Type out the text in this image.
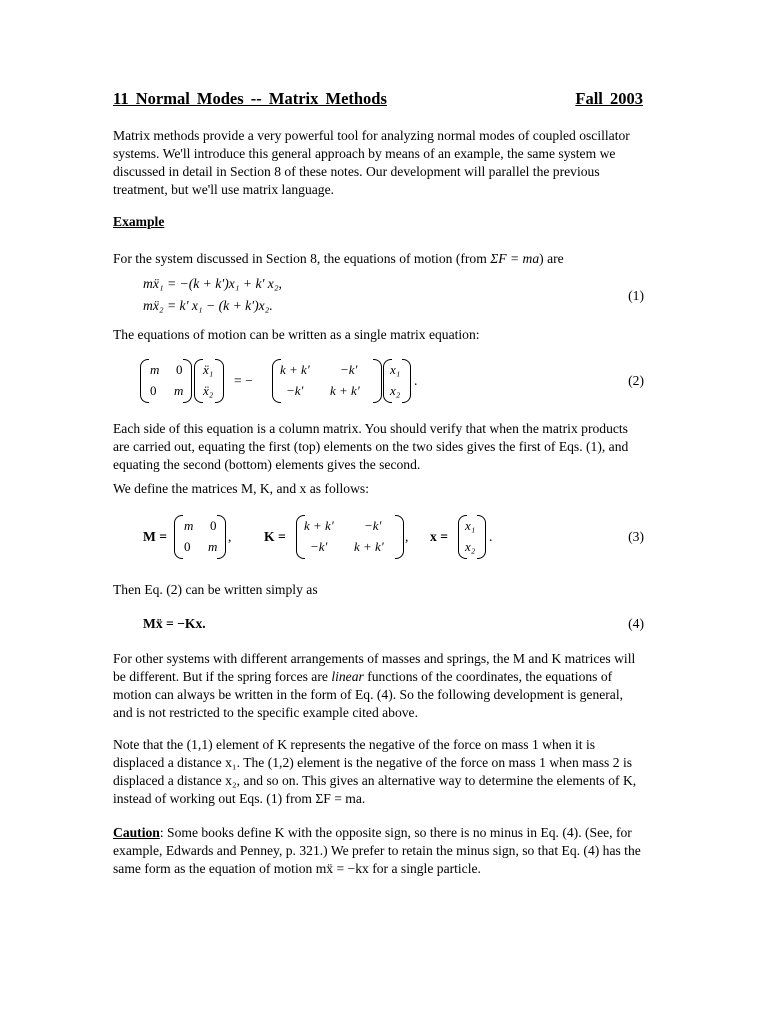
11 Normal Modes -- Matrix Methods	Fall 2003

Matrix methods provide a very powerful tool for analyzing normal modes of coupled oscillator systems. We'll introduce this general approach by means of an example, the same system we discussed in detail in Section 8 of these notes. Our development will parallel the previous treatment, but we'll use matrix language.

Example

For the system discussed in Section 8, the equations of motion (from ΣF = ma) are

mẍ₁ = −(k + k')x₁ + k' x₂,
mẍ₂ = k' x₁ − (k + k')x₂.
(1)

The equations of motion can be written as a single matrix equation:

m 0
0 m
ẍ₁
ẍ₂
= −
k + k' −k'
−k' k + k'
x₁
x₂
.	(2)

Each side of this equation is a column matrix. You should verify that when the matrix products are carried out, equating the first (top) elements on the two sides gives the first of Eqs. (1), and equating the second (bottom) elements gives the second.

We define the matrices M, K, and x as follows:

M =
m 0
0 m
, K =
k + k' −k'
−k' k + k'
, x =
x₁
x₂
.	(3)

Then Eq. (2) can be written simply as

Mẍ = −Kx.	(4)

For other systems with different arrangements of masses and springs, the M and K matrices will be different. But if the spring forces are linear functions of the coordinates, the equations of motion can always be written in the form of Eq. (4). So the following development is general, and is not restricted to the specific example cited above.

Note that the (1,1) element of K represents the negative of the force on mass 1 when it is displaced a distance x₁. The (1,2) element is the negative of the force on mass 1 when mass 2 is displaced a distance x₂, and so on. This gives an alternative way to determine the elements of K, instead of working out Eqs. (1) from ΣF = ma.

Caution: Some books define K with the opposite sign, so there is no minus in Eq. (4). (See, for example, Edwards and Penney, p. 321.) We prefer to retain the minus sign, so that Eq. (4) has the same form as the equation of motion mẍ = −kx for a single particle.
